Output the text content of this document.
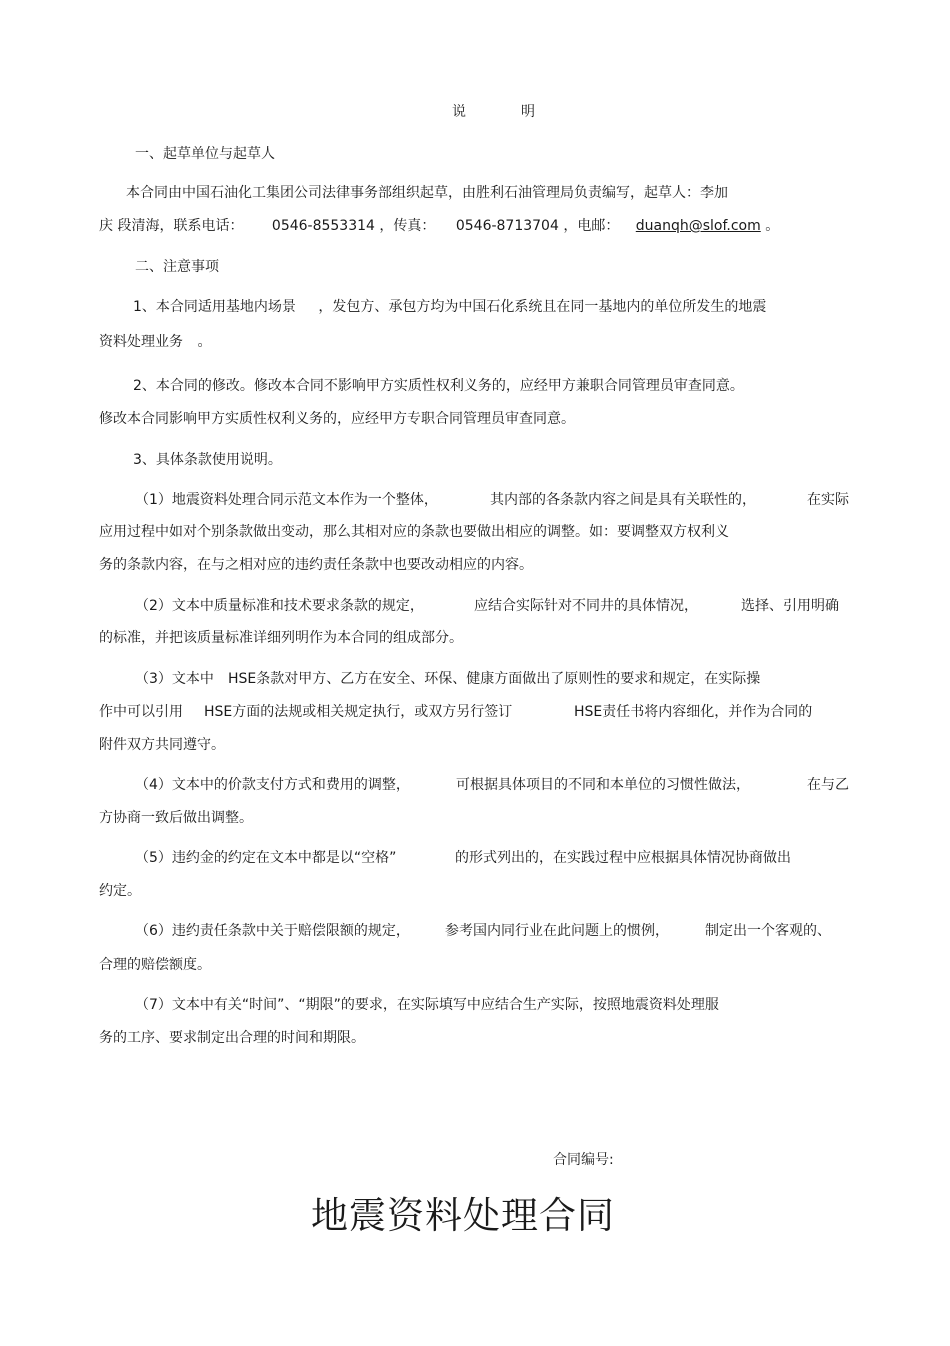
说	明
一、起草单位与起草人
本合同由中国石油化工集团公司法律事务部组织起草，由胜利石油管理局负责编写，起草人：李加
庆 段清海，联系电话： 0546-8553314 ，传真： 0546-8713704 ，电邮： duanqh@slof.com 。
二、注意事项
1、本合同适用基地内场景 ，发包方、承包方均为中国石化系统且在同一基地内的单位所发生的地震
资料处理业务 。
2、本合同的修改。修改本合同不影响甲方实质性权利义务的，应经甲方兼职合同管理员审查同意。
修改本合同影响甲方实质性权利义务的，应经甲方专职合同管理员审查同意。
3、具体条款使用说明。
（1）地震资料处理合同示范文本作为一个整体，	其内部的各条款内容之间是具有关联性的，	在实际
应用过程中如对个别条款做出变动，那么其相对应的条款也要做出相应的调整。如：要调整双方权利义
务的条款内容，在与之相对应的违约责任条款中也要改动相应的内容。
（2）文本中质量标准和技术要求条款的规定，	应结合实际针对不同井的具体情况，	选择、引用明确
的标准，并把该质量标准详细列明作为本合同的组成部分。
（3）文本中 HSE条款对甲方、乙方在安全、环保、健康方面做出了原则性的要求和规定，在实际操
作中可以引用 HSE方面的法规或相关规定执行，或双方另行签订	HSE责任书将内容细化，并作为合同的
附件双方共同遵守。
（4）文本中的价款支付方式和费用的调整，	可根据具体项目的不同和本单位的习惯性做法，	在与乙
方协商一致后做出调整。
（5）违约金的约定在文本中都是以“空格”	的形式列出的，在实践过程中应根据具体情况协商做出
约定。
（6）违约责任条款中关于赔偿限额的规定，	参考国内同行业在此问题上的惯例，	制定出一个客观的、
合理的赔偿额度。
（7）文本中有关“时间”、“期限”的要求，在实际填写中应结合生产实际，按照地震资料处理服
务的工序、要求制定出合理的时间和期限。
合同编号:
地震资料处理合同
